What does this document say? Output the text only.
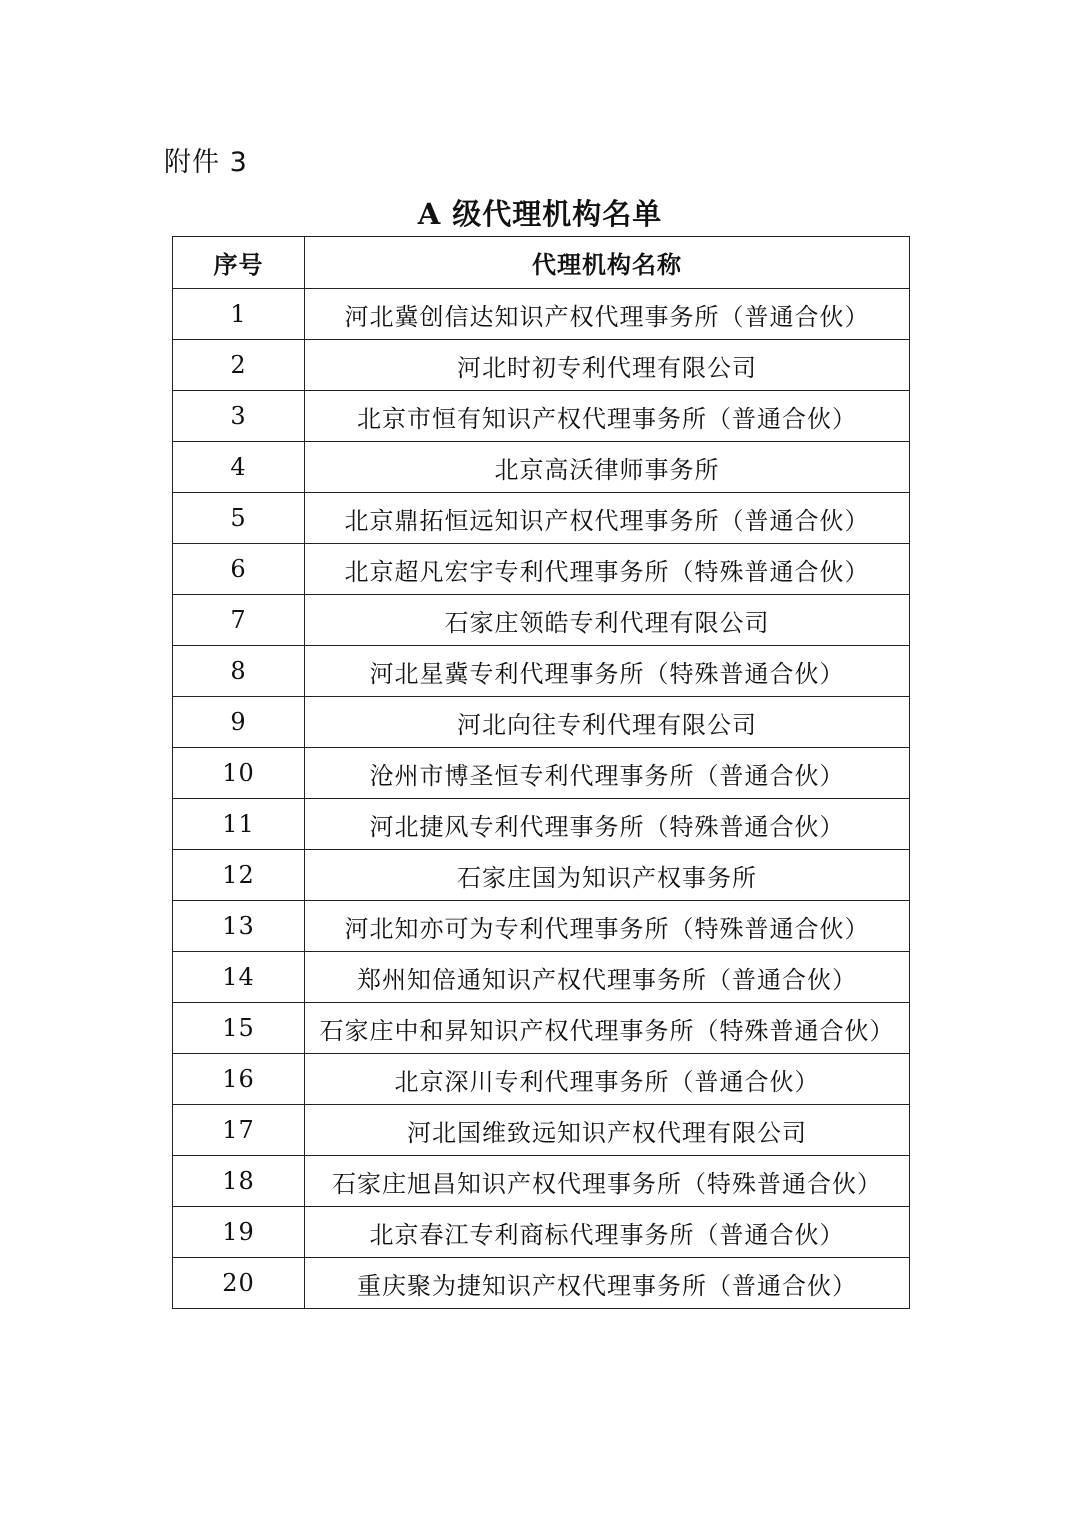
附件 3
A 级代理机构名单
序号	代理机构名称
1	河北冀创信达知识产权代理事务所（普通合伙）
2	河北时初专利代理有限公司
3	北京市恒有知识产权代理事务所（普通合伙）
4	北京高沃律师事务所
5	北京鼎拓恒远知识产权代理事务所（普通合伙）
6	北京超凡宏宇专利代理事务所（特殊普通合伙）
7	石家庄领皓专利代理有限公司
8	河北星冀专利代理事务所（特殊普通合伙）
9	河北向往专利代理有限公司
10	沧州市博圣恒专利代理事务所（普通合伙）
11	河北捷风专利代理事务所（特殊普通合伙）
12	石家庄国为知识产权事务所
13	河北知亦可为专利代理事务所（特殊普通合伙）
14	郑州知倍通知识产权代理事务所（普通合伙）
15	石家庄中和昇知识产权代理事务所（特殊普通合伙）
16	北京深川专利代理事务所（普通合伙）
17	河北国维致远知识产权代理有限公司
18	石家庄旭昌知识产权代理事务所（特殊普通合伙）
19	北京春江专利商标代理事务所（普通合伙）
20	重庆聚为捷知识产权代理事务所（普通合伙）
